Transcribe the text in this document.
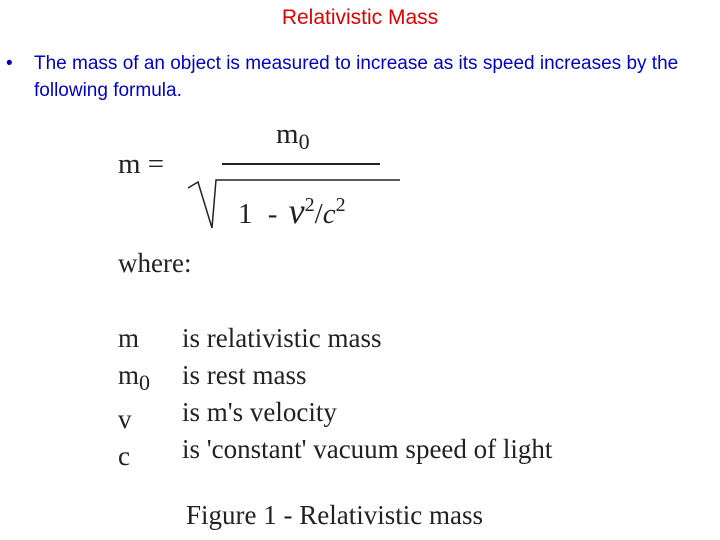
Relativistic Mass
•	The mass of an object is measured to increase as its speed increases by the following formula.
m =
$m_0$
$1 - v^2/c^2$
where:
m
$m_0$
v
c
is relativistic mass
is rest mass
is m's velocity
is 'constant' vacuum speed of light
Figure 1 - Relativistic mass
